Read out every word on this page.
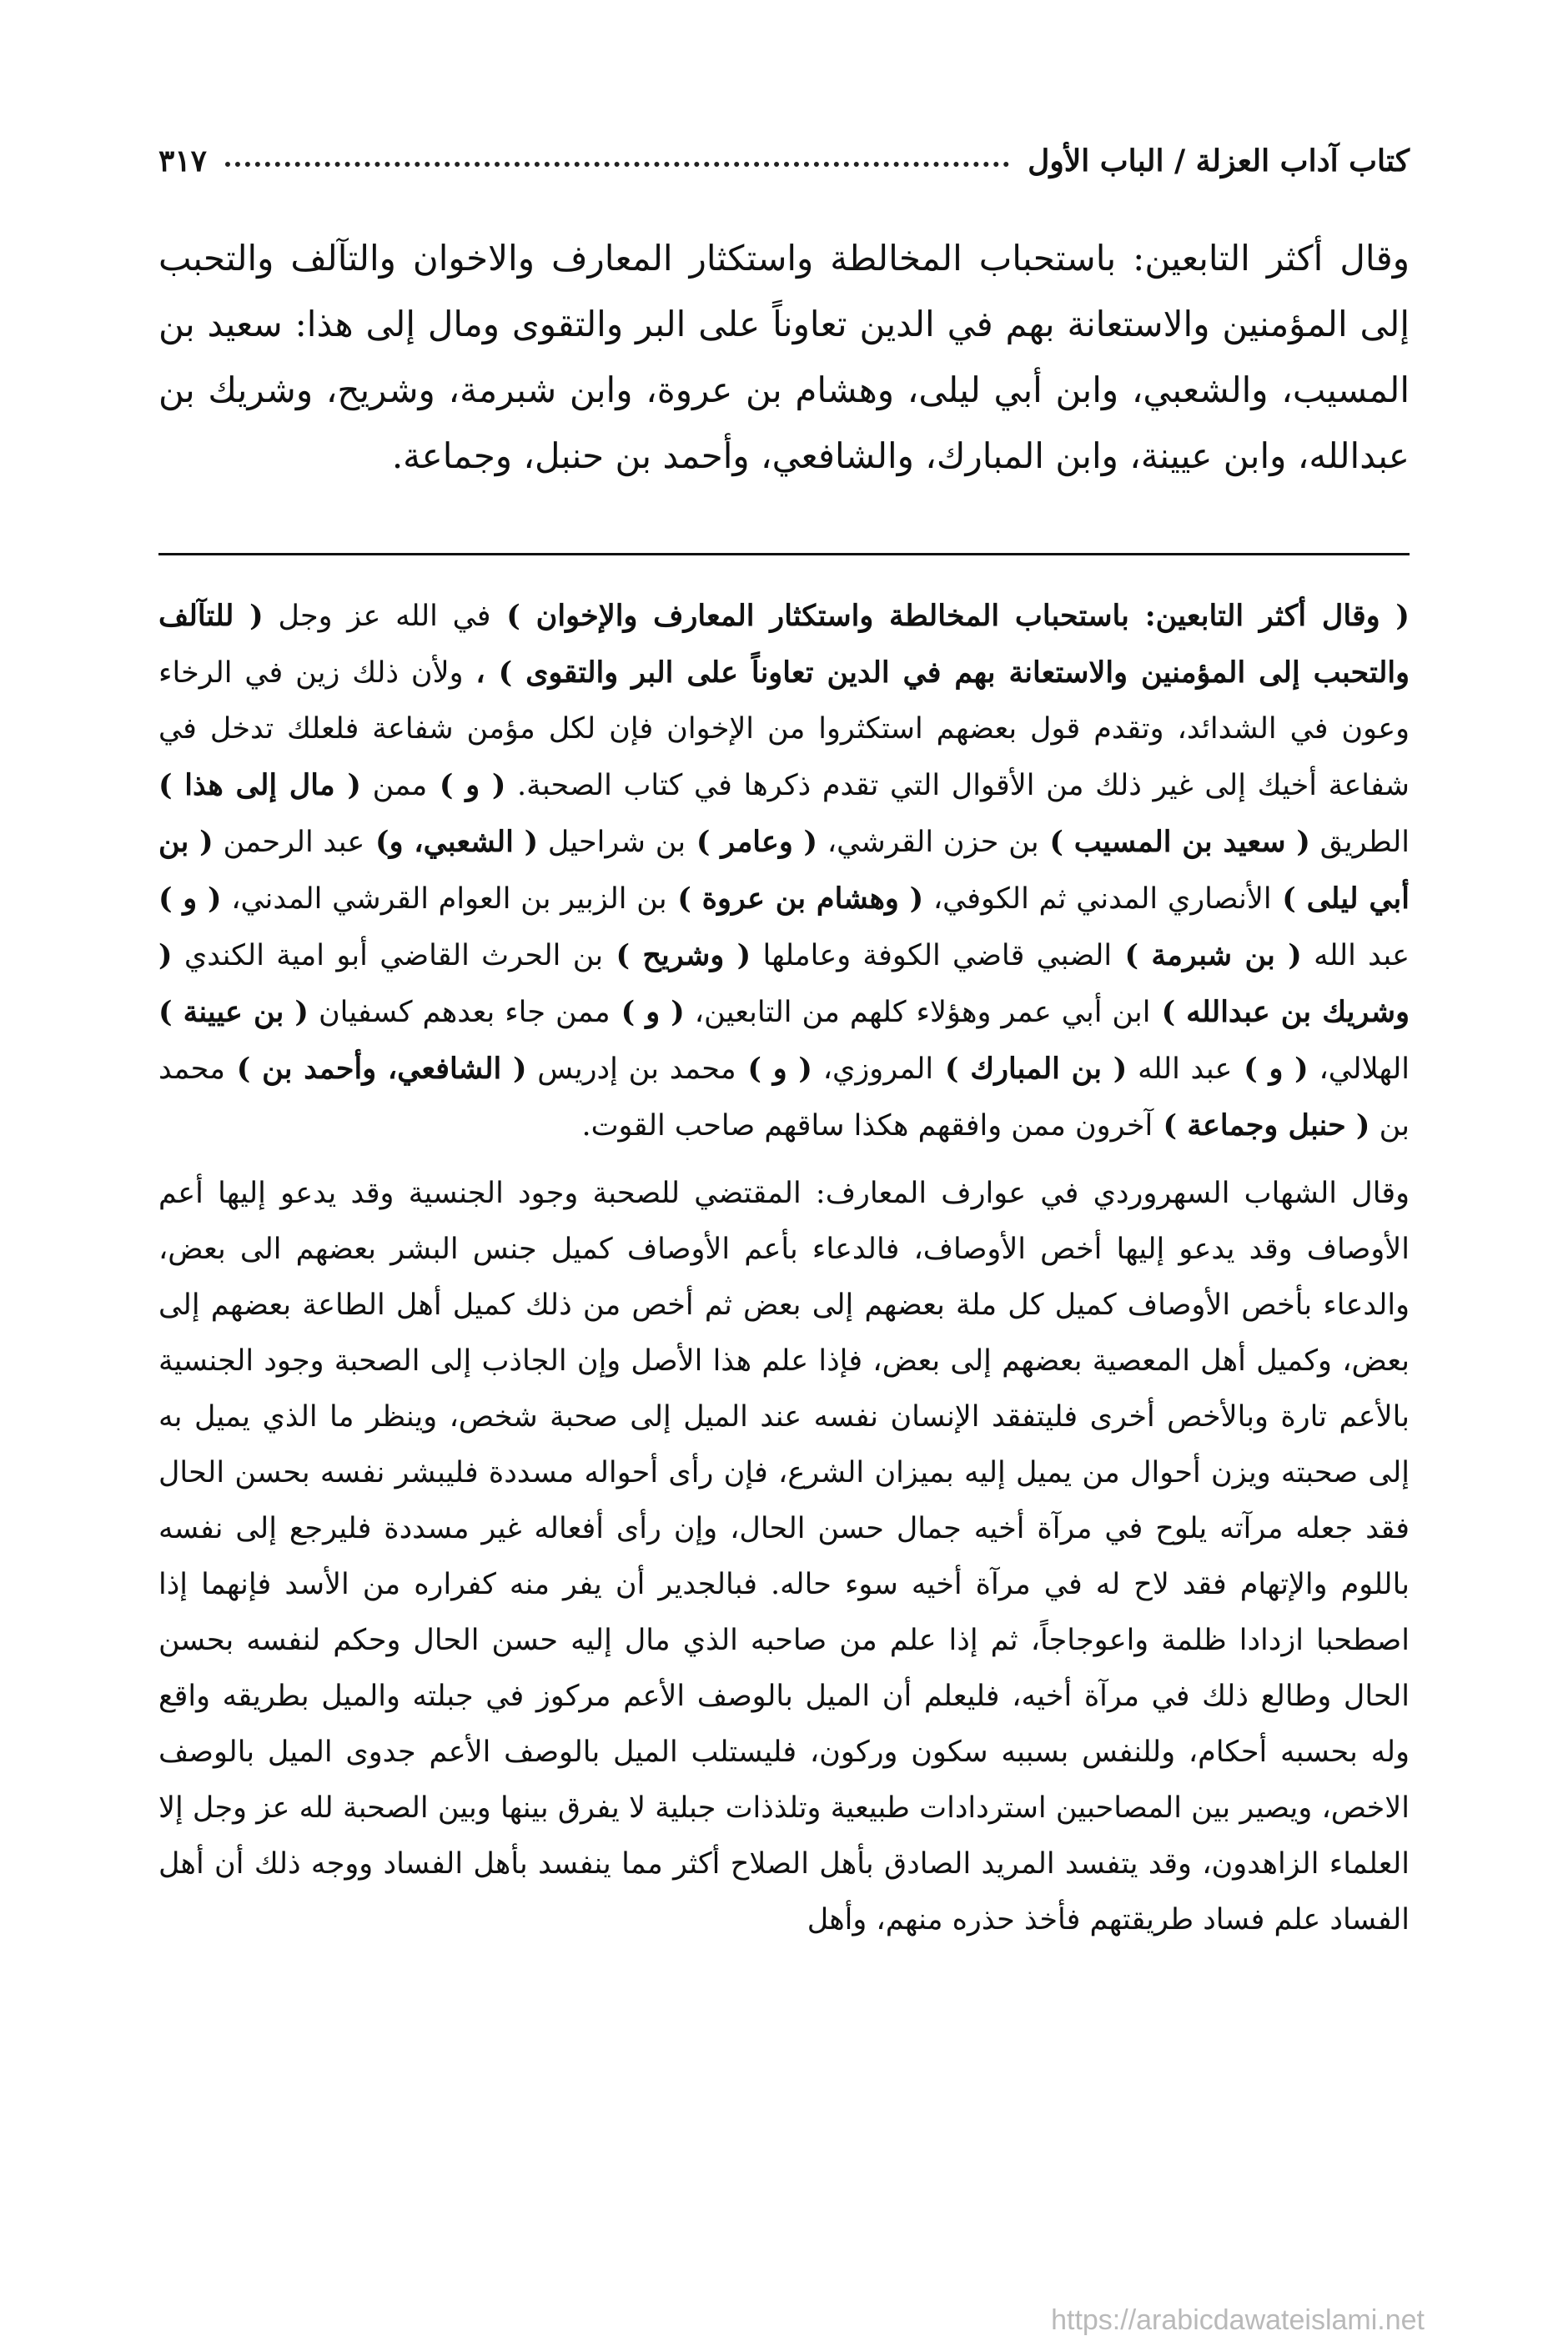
كتاب آداب العزلة / الباب الأول
٣١٧
وقال أكثر التابعين: باستحباب المخالطة واستكثار المعارف والاخوان والتآلف والتحبب إلى المؤمنين والاستعانة بهم في الدين تعاوناً على البر والتقوى ومال إلى هذا: سعيد بن المسيب، والشعبي، وابن أبي ليلى، وهشام بن عروة، وابن شبرمة، وشريح، وشريك بن عبدالله، وابن عيينة، وابن المبارك، والشافعي، وأحمد بن حنبل، وجماعة.
( وقال أكثر التابعين: باستحباب المخالطة واستكثار المعارف والإخوان ) في الله عز وجل ( للتآلف والتحبب إلى المؤمنين والاستعانة بهم في الدين تعاوناً على البر والتقوى ) ، ولأن ذلك زين في الرخاء وعون في الشدائد، وتقدم قول بعضهم استكثروا من الإخوان فإن لكل مؤمن شفاعة فلعلك تدخل في شفاعة أخيك إلى غير ذلك من الأقوال التي تقدم ذكرها في كتاب الصحبة. ( و ) ممن ( مال إلى هذا ) الطريق ( سعيد بن المسيب ) بن حزن القرشي، ( وعامر ) بن شراحيل ( الشعبي، و) عبد الرحمن ( بن أبي ليلى ) الأنصاري المدني ثم الكوفي، ( وهشام بن عروة ) بن الزبير بن العوام القرشي المدني، ( و ) عبد الله ( بن شبرمة ) الضبي قاضي الكوفة وعاملها ( وشريح ) بن الحرث القاضي أبو امية الكندي ( وشريك بن عبدالله ) ابن أبي عمر وهؤلاء كلهم من التابعين، ( و ) ممن جاء بعدهم كسفيان ( بن عيينة ) الهلالي، ( و ) عبد الله ( بن المبارك ) المروزي، ( و ) محمد بن إدريس ( الشافعي، وأحمد بن ) محمد بن ( حنبل وجماعة ) آخرون ممن وافقهم هكذا ساقهم صاحب القوت.
وقال الشهاب السهروردي في عوارف المعارف: المقتضي للصحبة وجود الجنسية وقد يدعو إليها أعم الأوصاف وقد يدعو إليها أخص الأوصاف، فالدعاء بأعم الأوصاف كميل جنس البشر بعضهم الى بعض، والدعاء بأخص الأوصاف كميل كل ملة بعضهم إلى بعض ثم أخص من ذلك كميل أهل الطاعة بعضهم إلى بعض، وكميل أهل المعصية بعضهم إلى بعض، فإذا علم هذا الأصل وإن الجاذب إلى الصحبة وجود الجنسية بالأعم تارة وبالأخص أخرى فليتفقد الإنسان نفسه عند الميل إلى صحبة شخص، وينظر ما الذي يميل به إلى صحبته ويزن أحوال من يميل إليه بميزان الشرع، فإن رأى أحواله مسددة فليبشر نفسه بحسن الحال فقد جعله مرآته يلوح في مرآة أخيه جمال حسن الحال، وإن رأى أفعاله غير مسددة فليرجع إلى نفسه باللوم والإتهام فقد لاح له في مرآة أخيه سوء حاله. فبالجدير أن يفر منه كفراره من الأسد فإنهما إذا اصطحبا ازدادا ظلمة واعوجاجاً، ثم إذا علم من صاحبه الذي مال إليه حسن الحال وحكم لنفسه بحسن الحال وطالع ذلك في مرآة أخيه، فليعلم أن الميل بالوصف الأعم مركوز في جبلته والميل بطريقه واقع وله بحسبه أحكام، وللنفس بسببه سكون وركون، فليستلب الميل بالوصف الأعم جدوى الميل بالوصف الاخص، ويصير بين المصاحبين استردادات طبيعية وتلذذات جبلية لا يفرق بينها وبين الصحبة لله عز وجل إلا العلماء الزاهدون، وقد يتفسد المريد الصادق بأهل الصلاح أكثر مما ينفسد بأهل الفساد ووجه ذلك أن أهل الفساد علم فساد طريقتهم فأخذ حذره منهم، وأهل
https://arabicdawateislami.net
